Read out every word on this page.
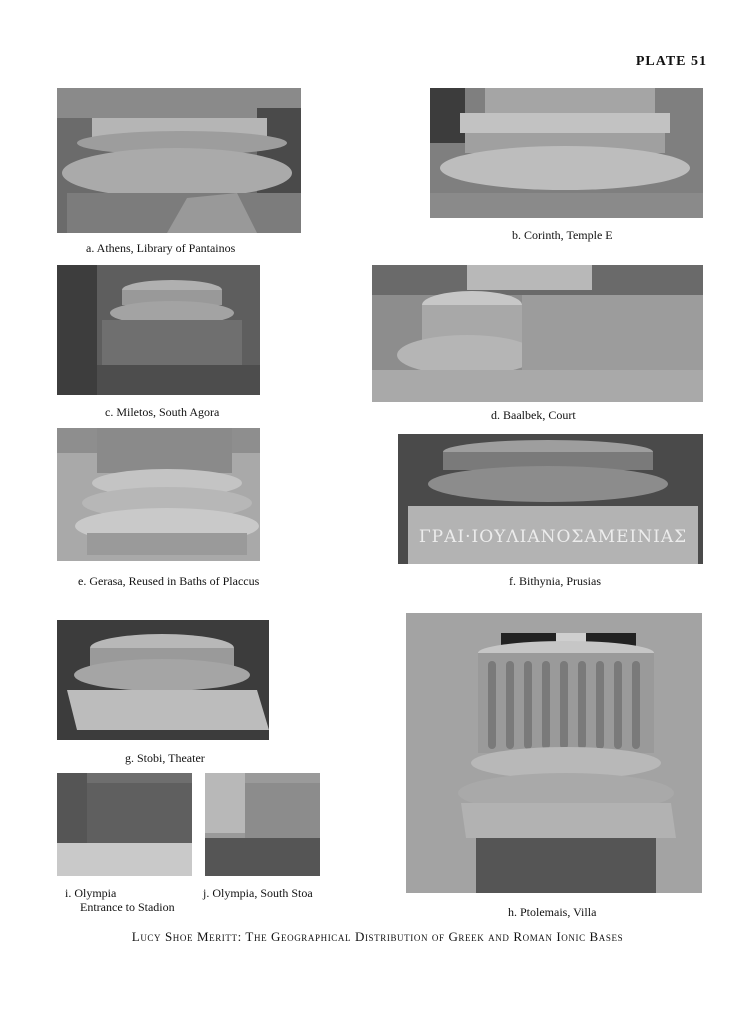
PLATE 51
a. Athens, Library of Pantainos
b. Corinth, Temple E
c. Miletos, South Agora	d. Baalbek, Court
e. Gerasa, Reused in Baths of Placcus
ΓΡΑΙ·ΙΟΥΛΙΑΝΟΣΑΜΕΙΝΙΑΣ
f. Bithynia, Prusias
g. Stobi, Theater
i. Olympia
Entrance to Stadion
j. Olympia, South Stoa
h. Ptolemais, Villa
Lucy Shoe Meritt: The Geographical Distribution of Greek and Roman Ionic Bases
